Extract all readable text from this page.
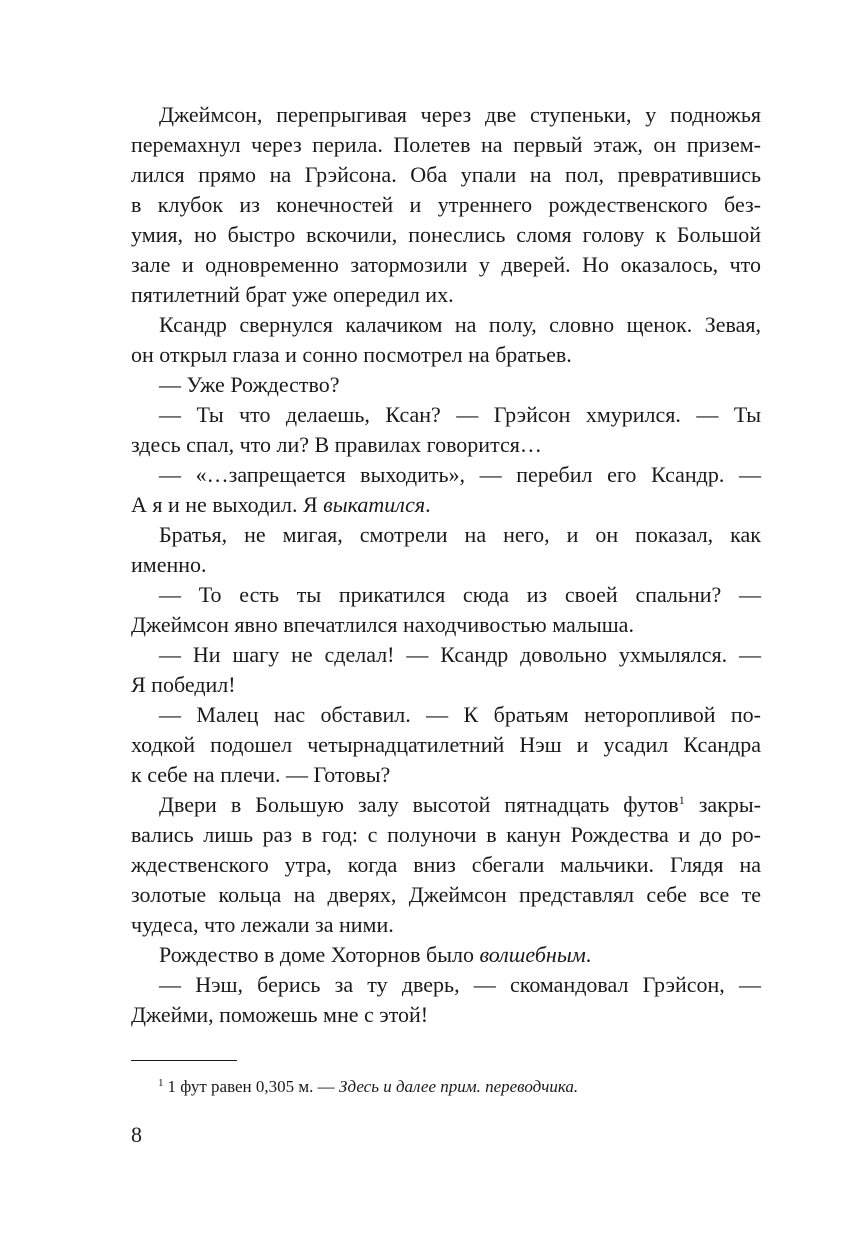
Джеймсон, перепрыгивая через две ступеньки, у подножья
перемахнул через перила. Полетев на первый этаж, он призем-
лился прямо на Грэйсона. Оба упали на пол, превратившись
в клубок из конечностей и утреннего рождественского без-
умия, но быстро вскочили, понеслись сломя голову к Большой
зале и одновременно затормозили у дверей. Но оказалось, что
пятилетний брат уже опередил их.
Ксандр свернулся калачиком на полу, словно щенок. Зевая,
он открыл глаза и сонно посмотрел на братьев.
— Уже Рождество?
— Ты что делаешь, Ксан? — Грэйсон хмурился. — Ты
здесь спал, что ли? В правилах говорится…
— «…запрещается выходить», — перебил его Ксандр. —
А я и не выходил. Я выкатился.
Братья, не мигая, смотрели на него, и он показал, как
именно.
— То есть ты прикатился сюда из своей спальни? —
Джеймсон явно впечатлился находчивостью малыша.
— Ни шагу не сделал! — Ксандр довольно ухмылялся. —
Я победил!
— Малец нас обставил. — К братьям неторопливой по-
ходкой подошел четырнадцатилетний Нэш и усадил Ксандра
к себе на плечи. — Готовы?
Двери в Большую залу высотой пятнадцать футов$^1$ закры-
вались лишь раз в год: с полуночи в канун Рождества и до ро-
ждественского утра, когда вниз сбегали мальчики. Глядя на
золотые кольца на дверях, Джеймсон представлял себе все те
чудеса, что лежали за ними.
Рождество в доме Хоторнов было волшебным.
— Нэш, берись за ту дверь, — скомандовал Грэйсон, —
Джейми, поможешь мне с этой!
$^1$ 1 фут равен 0,305 м. — Здесь и далее прим. переводчика.
8
